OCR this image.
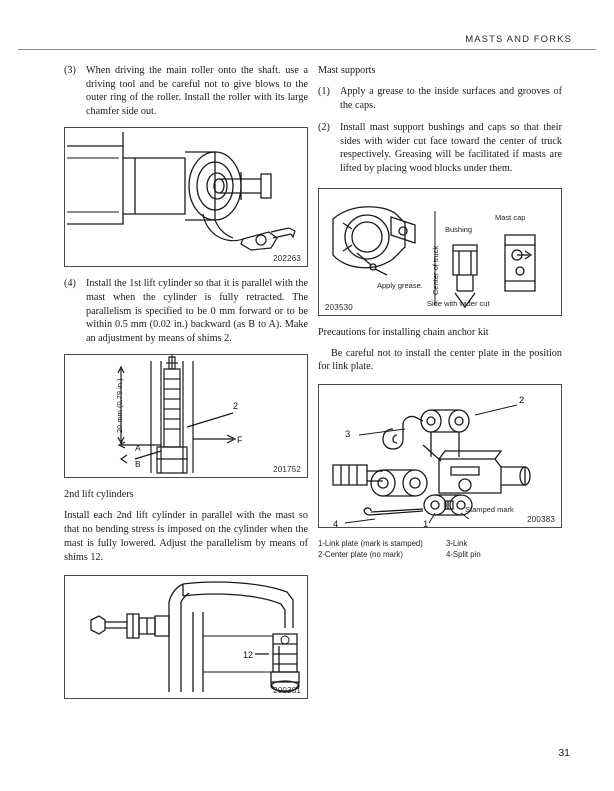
MASTS AND FORKS
(3) When driving the main roller onto the shaft. use a driving tool and be careful not to give blows to the outer ring of the roller. Install the roller with its large chamfer side out.
202263
(4) Install the 1st lift cylinder so that it is parallel with the mast when the cylinder is fully retracted. The parallelism is specified to be 0 mm forward or to be within 0.5 mm (0.02 in.) backward (as B to A). Make an adjustment by means of shims 2.
2
F
A
B
20 mm (0.79 in.)
201752
2nd lift cylinders
Install each 2nd lift cylinder in parallel with the mast so that no bending stress is imposed on the cylinder when the mast is fully lowered. Adjust the parallelism by means of shims 12.
12
200381
Mast supports
(1) Apply a grease to the inside surfaces and grooves of the caps.
(2) Install mast support bushings and caps so that their sides with wider cut face toward the center of truck respectively. Greasing will be facilitated if masts are lifted by placing wood blocks under them.
Center of truck
Bushing
Mast cap
Apply grease.
Side with wider cut
203530
Precautions for installing chain anchor kit
Be careful not to install the center plate in the position for link plate.
2
3
4	1
Stamped mark
200383
1-Link plate (mark is stamped)
2-Center plate (no mark)
3-Link
4-Split pin
31
